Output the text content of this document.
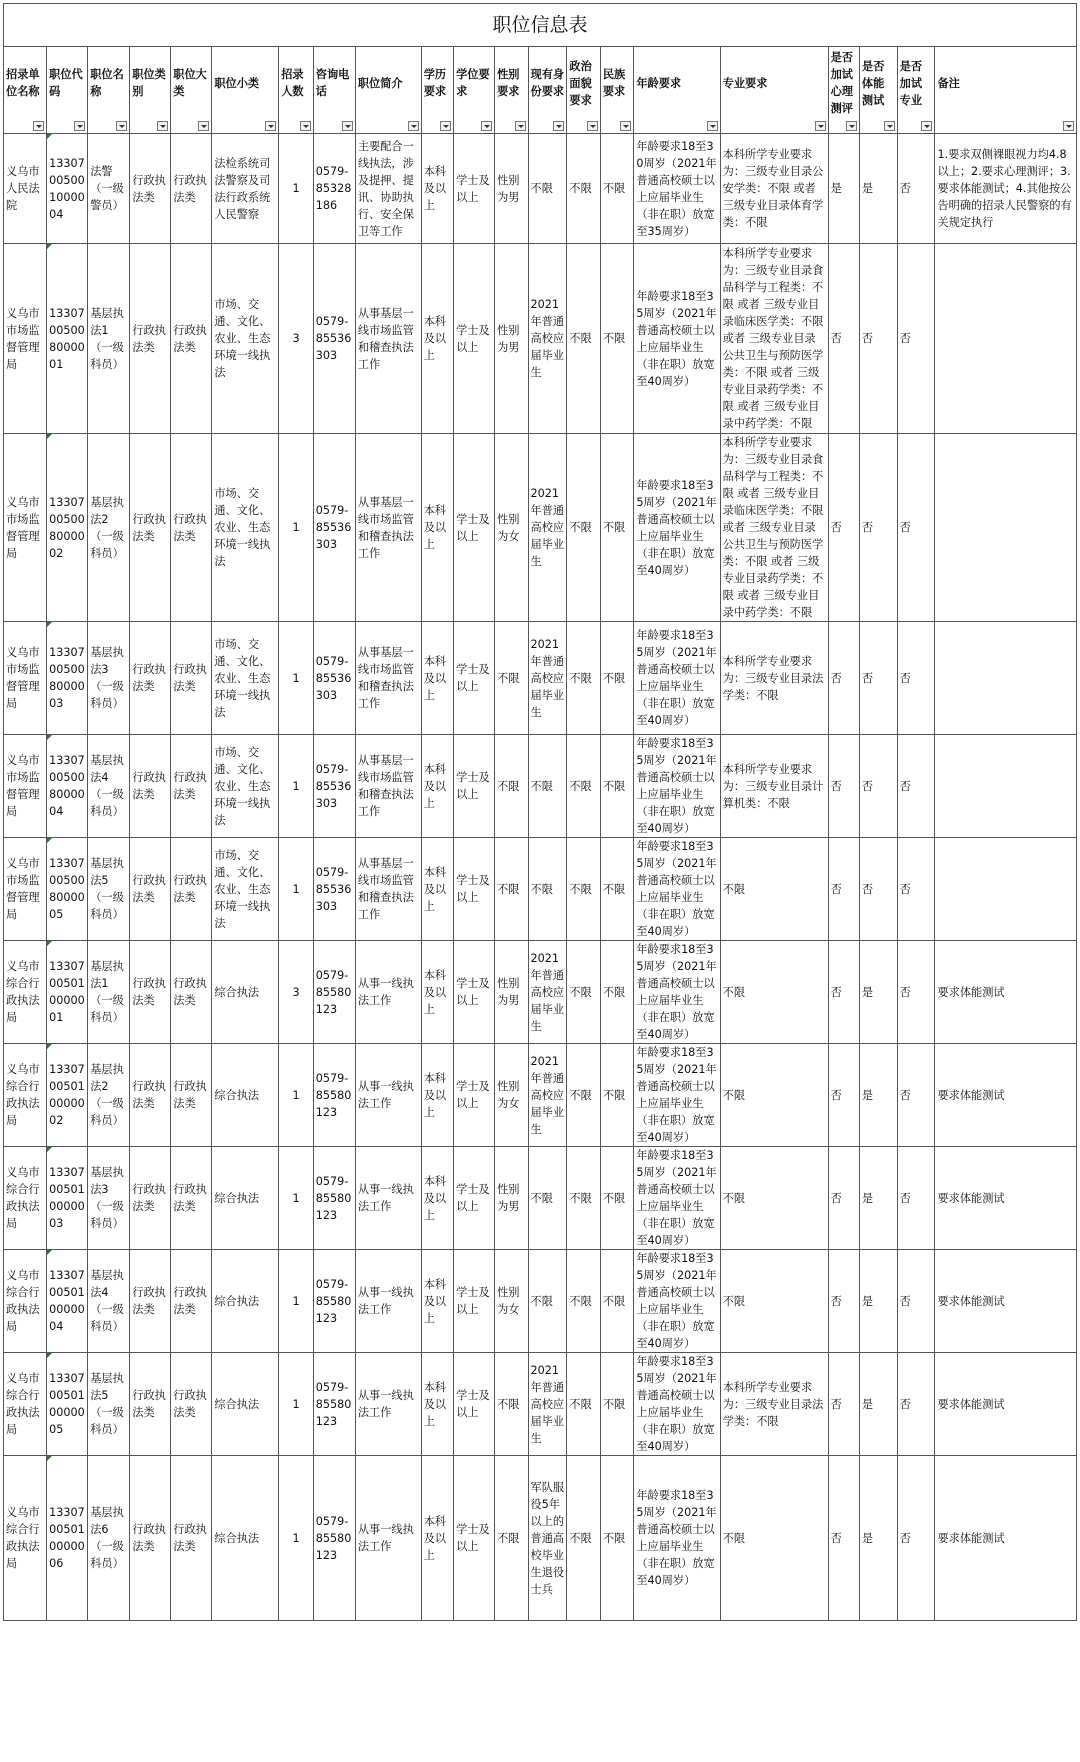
职位信息表
招录单位名称	职位代码	职位名称	职位类别	职位大类	职位小类	招录人数	咨询电话	职位简介	学历要求	学位要求	性别要求	现有身份要求	政治面貌要求	民族要求	年龄要求	专业要求	是否加试心理测评	是否体能测试	是否加试专业	备注

义乌市人民法院	13307005001000004	法警（一级警员）	行政执法类	行政执法类	法检系统司法警察及司法行政系统人民警察	1	0579-85328186	主要配合一线执法，涉及提押、提讯、协助执行、安全保卫等工作	本科及以上	学士及以上	性别为男	不限	不限	不限	年龄要求18至30周岁（2021年普通高校硕士以上应届毕业生（非在职）放宽至35周岁）	本科所学专业要求为：三级专业目录公安学类：不限 或者 三级专业目录体育学类：不限	是	是	否	1.要求双侧裸眼视力均4.8以上；2.要求心理测评；3.要求体能测试；4.其他按公告明确的招录人民警察的有关规定执行
义乌市市场监督管理局	13307005008000001	基层执法1（一级科员）	行政执法类	行政执法类	市场、交通、文化、农业、生态环境一线执法	3	0579-85536303	从事基层一线市场监管和稽查执法工作	本科及以上	学士及以上	性别为男	2021年普通高校应届毕业生	不限	不限	年龄要求18至35周岁（2021年普通高校硕士以上应届毕业生（非在职）放宽至40周岁）	本科所学专业要求为：三级专业目录食品科学与工程类：不限 或者 三级专业目录临床医学类：不限 或者 三级专业目录公共卫生与预防医学类：不限 或者 三级专业目录药学类：不限 或者 三级专业目录中药学类：不限	否	否	否	
义乌市市场监督管理局	13307005008000002	基层执法2（一级科员）	行政执法类	行政执法类	市场、交通、文化、农业、生态环境一线执法	1	0579-85536303	从事基层一线市场监管和稽查执法工作	本科及以上	学士及以上	性别为女	2021年普通高校应届毕业生	不限	不限	年龄要求18至35周岁（2021年普通高校硕士以上应届毕业生（非在职）放宽至40周岁）	本科所学专业要求为：三级专业目录食品科学与工程类：不限 或者 三级专业目录临床医学类：不限 或者 三级专业目录公共卫生与预防医学类：不限 或者 三级专业目录药学类：不限 或者 三级专业目录中药学类：不限	否	否	否	
义乌市市场监督管理局	13307005008000003	基层执法3（一级科员）	行政执法类	行政执法类	市场、交通、文化、农业、生态环境一线执法	1	0579-85536303	从事基层一线市场监管和稽查执法工作	本科及以上	学士及以上	不限	2021年普通高校应届毕业生	不限	不限	年龄要求18至35周岁（2021年普通高校硕士以上应届毕业生（非在职）放宽至40周岁）	本科所学专业要求为：三级专业目录法学类：不限	否	否	否	
义乌市市场监督管理局	13307005008000004	基层执法4（一级科员）	行政执法类	行政执法类	市场、交通、文化、农业、生态环境一线执法	1	0579-85536303	从事基层一线市场监管和稽查执法工作	本科及以上	学士及以上	不限	不限	不限	不限	年龄要求18至35周岁（2021年普通高校硕士以上应届毕业生（非在职）放宽至40周岁）	本科所学专业要求为：三级专业目录计算机类：不限	否	否	否	
义乌市市场监督管理局	13307005008000005	基层执法5（一级科员）	行政执法类	行政执法类	市场、交通、文化、农业、生态环境一线执法	1	0579-85536303	从事基层一线市场监管和稽查执法工作	本科及以上	学士及以上	不限	不限	不限	不限	年龄要求18至35周岁（2021年普通高校硕士以上应届毕业生（非在职）放宽至40周岁）	不限	否	否	否	
义乌市综合行政执法局	13307005010000001	基层执法1（一级科员）	行政执法类	行政执法类	综合执法	3	0579-85580123	从事一线执法工作	本科及以上	学士及以上	性别为男	2021年普通高校应届毕业生	不限	不限	年龄要求18至35周岁（2021年普通高校硕士以上应届毕业生（非在职）放宽至40周岁）	不限	否	是	否	要求体能测试
义乌市综合行政执法局	13307005010000002	基层执法2（一级科员）	行政执法类	行政执法类	综合执法	1	0579-85580123	从事一线执法工作	本科及以上	学士及以上	性别为女	2021年普通高校应届毕业生	不限	不限	年龄要求18至35周岁（2021年普通高校硕士以上应届毕业生（非在职）放宽至40周岁）	不限	否	是	否	要求体能测试
义乌市综合行政执法局	13307005010000003	基层执法3（一级科员）	行政执法类	行政执法类	综合执法	1	0579-85580123	从事一线执法工作	本科及以上	学士及以上	性别为男	不限	不限	不限	年龄要求18至35周岁（2021年普通高校硕士以上应届毕业生（非在职）放宽至40周岁）	不限	否	是	否	要求体能测试
义乌市综合行政执法局	13307005010000004	基层执法4（一级科员）	行政执法类	行政执法类	综合执法	1	0579-85580123	从事一线执法工作	本科及以上	学士及以上	性别为女	不限	不限	不限	年龄要求18至35周岁（2021年普通高校硕士以上应届毕业生（非在职）放宽至40周岁）	不限	否	是	否	要求体能测试
义乌市综合行政执法局	13307005010000005	基层执法5（一级科员）	行政执法类	行政执法类	综合执法	1	0579-85580123	从事一线执法工作	本科及以上	学士及以上	不限	2021年普通高校应届毕业生	不限	不限	年龄要求18至35周岁（2021年普通高校硕士以上应届毕业生（非在职）放宽至40周岁）	本科所学专业要求为：三级专业目录法学类：不限	否	是	否	要求体能测试
义乌市综合行政执法局	13307005010000006	基层执法6（一级科员）	行政执法类	行政执法类	综合执法	1	0579-85580123	从事一线执法工作	本科及以上	学士及以上	不限	军队服役5年以上的普通高校毕业生退役士兵	不限	不限	年龄要求18至35周岁（2021年普通高校硕士以上应届毕业生（非在职）放宽至40周岁）	不限	否	是	否	要求体能测试
